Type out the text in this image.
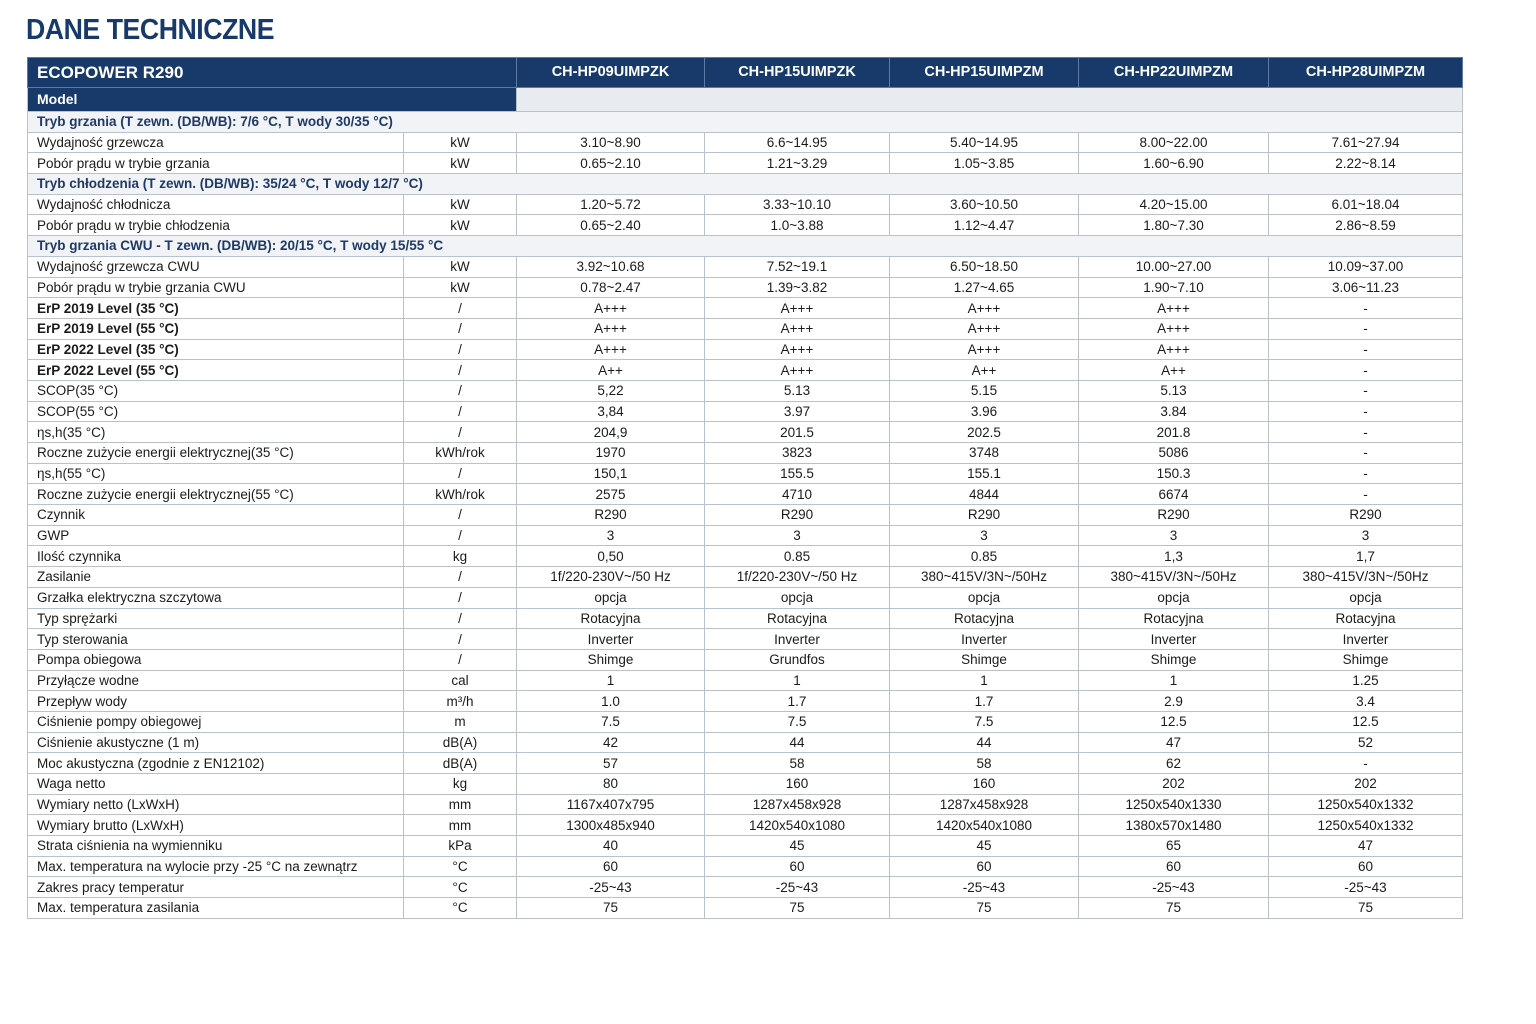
DANE TECHNICZNE
ECOPOWER R290		CH-HP09UIMPZK	CH-HP15UIMPZK	CH-HP15UIMPZM	CH-HP22UIMPZM	CH-HP28UIMPZM
Model						
Tryb grzania (T zewn. (DB/WB): 7/6 °C, T wody 30/35 °C)						
Wydajność grzewcza	kW	3.10~8.90	6.6~14.95	5.40~14.95	8.00~22.00	7.61~27.94
Pobór prądu w trybie grzania	kW	0.65~2.10	1.21~3.29	1.05~3.85	1.60~6.90	2.22~8.14
Tryb chłodzenia (T zewn. (DB/WB): 35/24 °C, T wody 12/7 °C)						
Wydajność chłodnicza	kW	1.20~5.72	3.33~10.10	3.60~10.50	4.20~15.00	6.01~18.04
Pobór prądu w trybie chłodzenia	kW	0.65~2.40	1.0~3.88	1.12~4.47	1.80~7.30	2.86~8.59
Tryb grzania CWU - T zewn. (DB/WB): 20/15 °C, T wody 15/55 °C						
Wydajność grzewcza CWU	kW	3.92~10.68	7.52~19.1	6.50~18.50	10.00~27.00	10.09~37.00
Pobór prądu w trybie grzania CWU	kW	0.78~2.47	1.39~3.82	1.27~4.65	1.90~7.10	3.06~11.23
ErP 2019 Level (35 °C)	/	A+++	A+++	A+++	A+++	-
ErP 2019 Level (55 °C)	/	A+++	A+++	A+++	A+++	-
ErP 2022 Level (35 °C)	/	A+++	A+++	A+++	A+++	-
ErP 2022 Level (55 °C)	/	A++	A+++	A++	A++	-
SCOP(35 °C)	/	5,22	5.13	5.15	5.13	-
SCOP(55 °C)	/	3,84	3.97	3.96	3.84	-
ηs,h(35 °C)	/	204,9	201.5	202.5	201.8	-
Roczne zużycie energii elektrycznej(35 °C)	kWh/rok	1970	3823	3748	5086	-
ηs,h(55 °C)	/	150,1	155.5	155.1	150.3	-
Roczne zużycie energii elektrycznej(55 °C)	kWh/rok	2575	4710	4844	6674	-
Czynnik	/	R290	R290	R290	R290	R290
GWP	/	3	3	3	3	3
Ilość czynnika	kg	0,50	0.85	0.85	1,3	1,7
Zasilanie	/	1f/220-230V~/50 Hz	1f/220-230V~/50 Hz	380~415V/3N~/50Hz	380~415V/3N~/50Hz	380~415V/3N~/50Hz
Grzałka elektryczna szczytowa	/	opcja	opcja	opcja	opcja	opcja
Typ sprężarki	/	Rotacyjna	Rotacyjna	Rotacyjna	Rotacyjna	Rotacyjna
Typ sterowania	/	Inverter	Inverter	Inverter	Inverter	Inverter
Pompa obiegowa	/	Shimge	Grundfos	Shimge	Shimge	Shimge
Przyłącze wodne	cal	1	1	1	1	1.25
Przepływ wody	m³/h	1.0	1.7	1.7	2.9	3.4
Ciśnienie pompy obiegowej	m	7.5	7.5	7.5	12.5	12.5
Ciśnienie akustyczne (1 m)	dB(A)	42	44	44	47	52
Moc akustyczna (zgodnie z EN12102)	dB(A)	57	58	58	62	-
Waga netto	kg	80	160	160	202	202
Wymiary netto (LxWxH)	mm	1167x407x795	1287x458x928	1287x458x928	1250x540x1330	1250x540x1332
Wymiary brutto (LxWxH)	mm	1300x485x940	1420x540x1080	1420x540x1080	1380x570x1480	1250x540x1332
Strata ciśnienia na wymienniku	kPa	40	45	45	65	47
Max. temperatura na wylocie przy -25 °C na zewnątrz	°C	60	60	60	60	60
Zakres pracy temperatur	°C	-25~43	-25~43	-25~43	-25~43	-25~43
Max. temperatura zasilania	°C	75	75	75	75	75
